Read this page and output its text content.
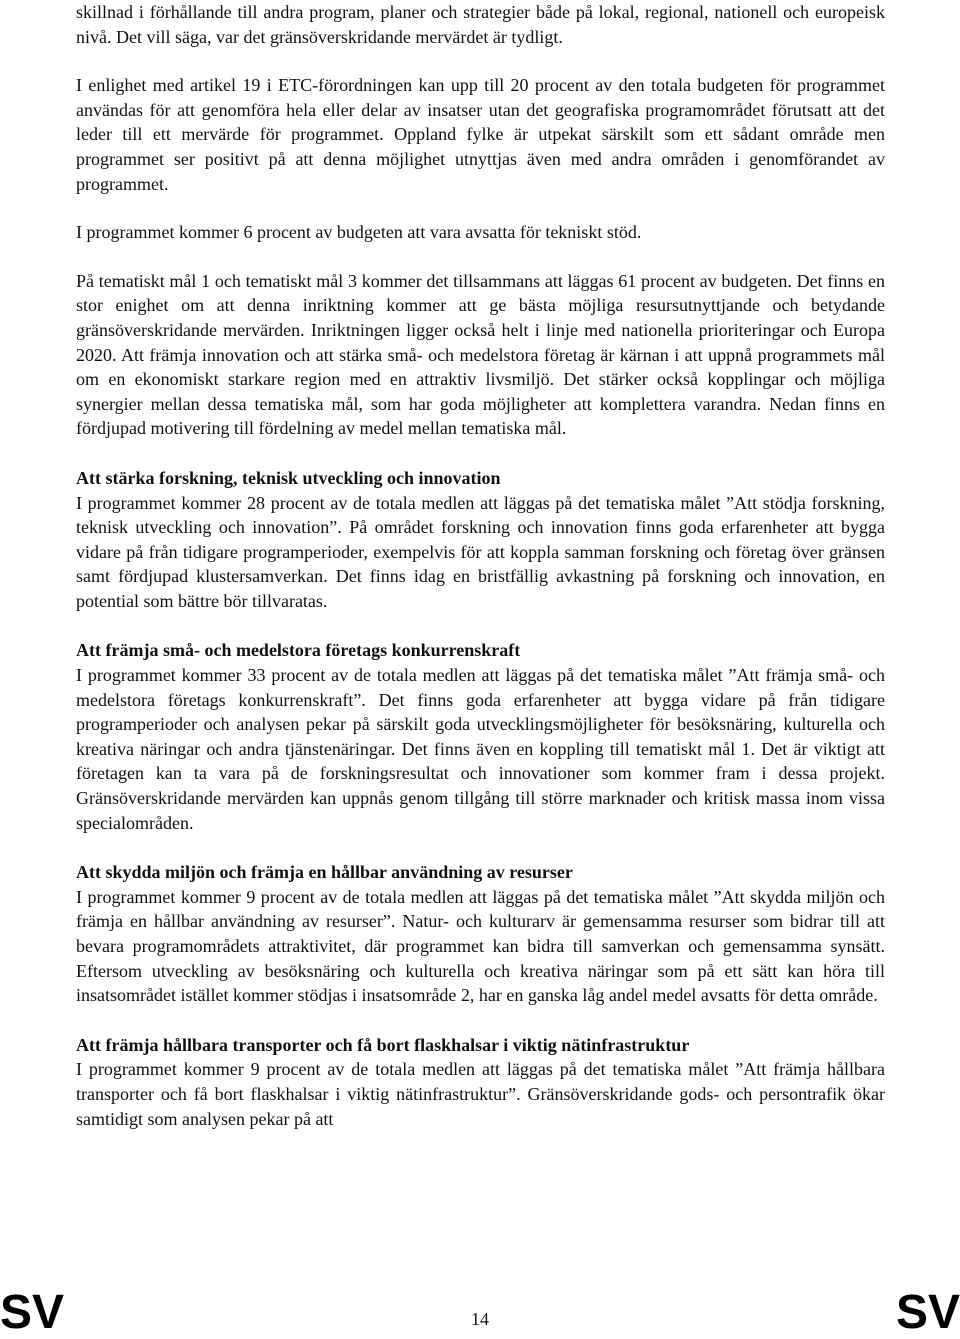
skillnad i förhållande till andra program, planer och strategier både på lokal, regional, nationell och europeisk nivå. Det vill säga, var det gränsöverskridande mervärdet är tydligt.

I enlighet med artikel 19 i ETC-förordningen kan upp till 20 procent av den totala budgeten för programmet användas för att genomföra hela eller delar av insatser utan det geografiska programområdet förutsatt att det leder till ett mervärde för programmet. Oppland fylke är utpekat särskilt som ett sådant område men programmet ser positivt på att denna möjlighet utnyttjas även med andra områden i genomförandet av programmet.

I programmet kommer 6 procent av budgeten att vara avsatta för tekniskt stöd.

På tematiskt mål 1 och tematiskt mål 3 kommer det tillsammans att läggas 61 procent av budgeten. Det finns en stor enighet om att denna inriktning kommer att ge bästa möjliga resursutnyttjande och betydande gränsöverskridande mervärden. Inriktningen ligger också helt i linje med nationella prioriteringar och Europa 2020. Att främja innovation och att stärka små- och medelstora företag är kärnan i att uppnå programmets mål om en ekonomiskt starkare region med en attraktiv livsmiljö. Det stärker också kopplingar och möjliga synergier mellan dessa tematiska mål, som har goda möjligheter att komplettera varandra. Nedan finns en fördjupad motivering till fördelning av medel mellan tematiska mål.

Att stärka forskning, teknisk utveckling och innovation

I programmet kommer 28 procent av de totala medlen att läggas på det tematiska målet ”Att stödja forskning, teknisk utveckling och innovation”. På området forskning och innovation finns goda erfarenheter att bygga vidare på från tidigare programperioder, exempelvis för att koppla samman forskning och företag över gränsen samt fördjupad klustersamverkan. Det finns idag en bristfällig avkastning på forskning och innovation, en potential som bättre bör tillvaratas.

Att främja små- och medelstora företags konkurrenskraft

I programmet kommer 33 procent av de totala medlen att läggas på det tematiska målet ”Att främja små- och medelstora företags konkurrenskraft”. Det finns goda erfarenheter att bygga vidare på från tidigare programperioder och analysen pekar på särskilt goda utvecklingsmöjligheter för besöksnäring, kulturella och kreativa näringar och andra tjänstenäringar. Det finns även en koppling till tematiskt mål 1. Det är viktigt att företagen kan ta vara på de forskningsresultat och innovationer som kommer fram i dessa projekt. Gränsöverskridande mervärden kan uppnås genom tillgång till större marknader och kritisk massa inom vissa specialområden.

Att skydda miljön och främja en hållbar användning av resurser

I programmet kommer 9 procent av de totala medlen att läggas på det tematiska målet ”Att skydda miljön och främja en hållbar användning av resurser”. Natur- och kulturarv är gemensamma resurser som bidrar till att bevara programområdets attraktivitet, där programmet kan bidra till samverkan och gemensamma synsätt. Eftersom utveckling av besöksnäring och kulturella och kreativa näringar som på ett sätt kan höra till insatsområdet istället kommer stödjas i insatsområde 2, har en ganska låg andel medel avsatts för detta område.

Att främja hållbara transporter och få bort flaskhalsar i viktig nätinfrastruktur

I programmet kommer 9 procent av de totala medlen att läggas på det tematiska målet ”Att främja hållbara transporter och få bort flaskhalsar i viktig nätinfrastruktur”. Gränsöverskridande gods- och persontrafik ökar samtidigt som analysen pekar på att

SV	14	SV
